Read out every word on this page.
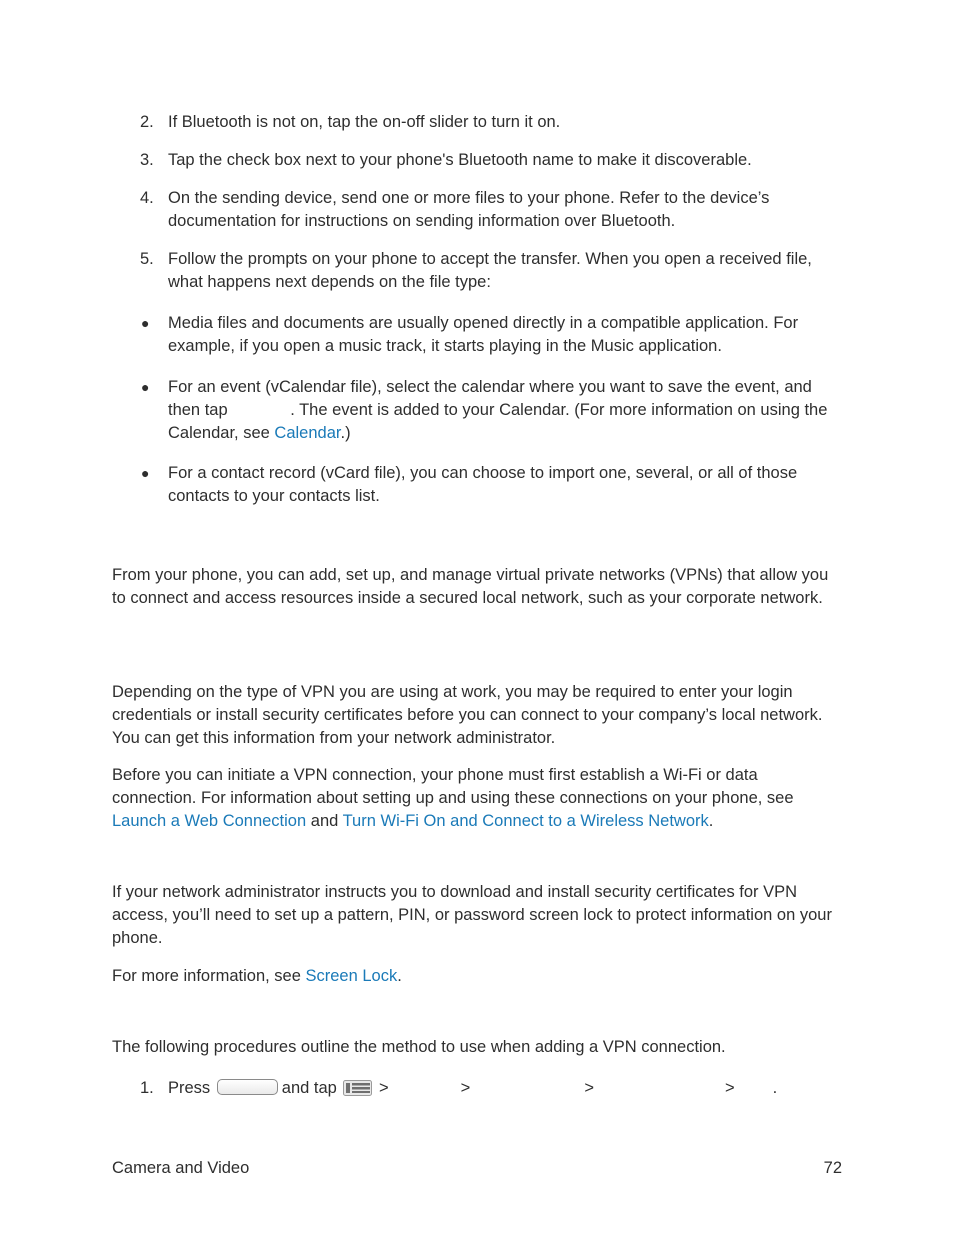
2. If Bluetooth is not on, tap the on-off slider to turn it on.
3. Tap the check box next to your phone's Bluetooth name to make it discoverable.
4. On the sending device, send one or more files to your phone. Refer to the device’s documentation for instructions on sending information over Bluetooth.
5. Follow the prompts on your phone to accept the transfer. When you open a received file, what happens next depends on the file type:
●	Media files and documents are usually opened directly in a compatible application. For example, if you open a music track, it starts playing in the Music application.
●	For an event (vCalendar file), select the calendar where you want to save the event, and then tap	. The event is added to your Calendar. (For more information on using the Calendar, see Calendar.)
●	For a contact record (vCard file), you can choose to import one, several, or all of those contacts to your contacts list.
From your phone, you can add, set up, and manage virtual private networks (VPNs) that allow you to connect and access resources inside a secured local network, such as your corporate network.
Depending on the type of VPN you are using at work, you may be required to enter your login credentials or install security certificates before you can connect to your company’s local network. You can get this information from your network administrator.
Before you can initiate a VPN connection, your phone must first establish a Wi-Fi or data connection. For information about setting up and using these connections on your phone, see Launch a Web Connection and Turn Wi-Fi On and Connect to a Wireless Network.
If your network administrator instructs you to download and install security certificates for VPN access, you’ll need to set up a pattern, PIN, or password screen lock to protect information on your phone.
For more information, see Screen Lock.
The following procedures outline the method to use when adding a VPN connection.
1. Press	and tap	>	>	>	> .
Camera and Video	72
